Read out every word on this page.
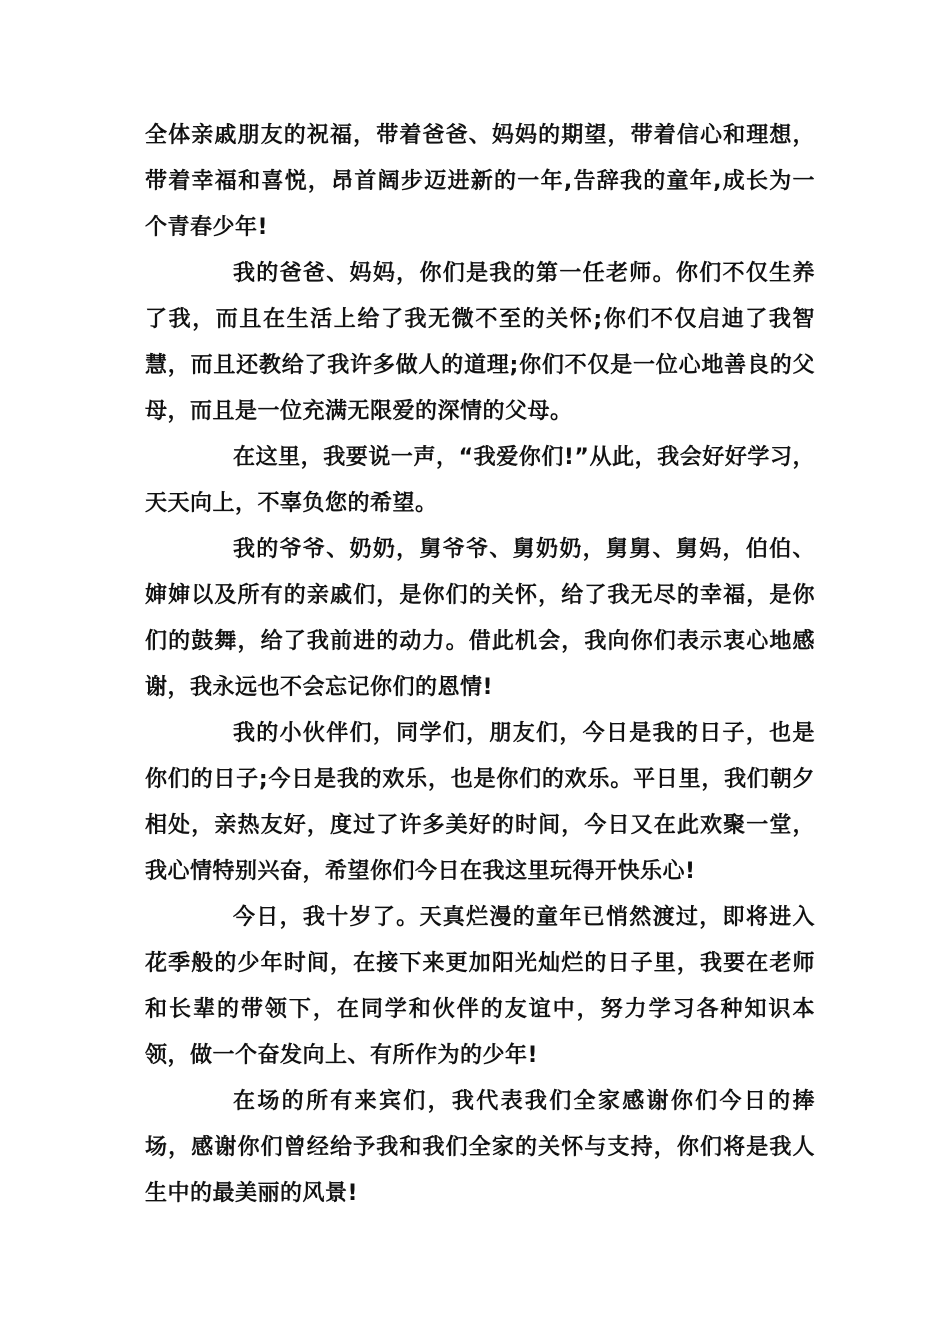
全体亲戚朋友的祝福，带着爸爸、妈妈的期望，带着信心和理想，带着幸福和喜悦，昂首阔步迈进新的一年,告辞我的童年,成长为一个青春少年!

我的爸爸、妈妈，你们是我的第一任老师。你们不仅生养了我，而且在生活上给了我无微不至的关怀;你们不仅启迪了我智慧，而且还教给了我许多做人的道理;你们不仅是一位心地善良的父母，而且是一位充满无限爱的深情的父母。

在这里，我要说一声，“我爱你们!”从此，我会好好学习，天天向上，不辜负您的希望。

我的爷爷、奶奶，舅爷爷、舅奶奶，舅舅、舅妈，伯伯、婶婶以及所有的亲戚们，是你们的关怀，给了我无尽的幸福，是你们的鼓舞，给了我前进的动力。借此机会，我向你们表示衷心地感谢，我永远也不会忘记你们的恩情!

我的小伙伴们，同学们，朋友们，今日是我的日子，也是你们的日子;今日是我的欢乐，也是你们的欢乐。平日里，我们朝夕相处，亲热友好，度过了许多美好的时间，今日又在此欢聚一堂，我心情特别兴奋，希望你们今日在我这里玩得开快乐心!

今日，我十岁了。天真烂漫的童年已悄然渡过，即将进入花季般的少年时间，在接下来更加阳光灿烂的日子里，我要在老师和长辈的带领下，在同学和伙伴的友谊中，努力学习各种知识本领，做一个奋发向上、有所作为的少年!

在场的所有来宾们，我代表我们全家感谢你们今日的捧场，感谢你们曾经给予我和我们全家的关怀与支持，你们将是我人生中的最美丽的风景!
